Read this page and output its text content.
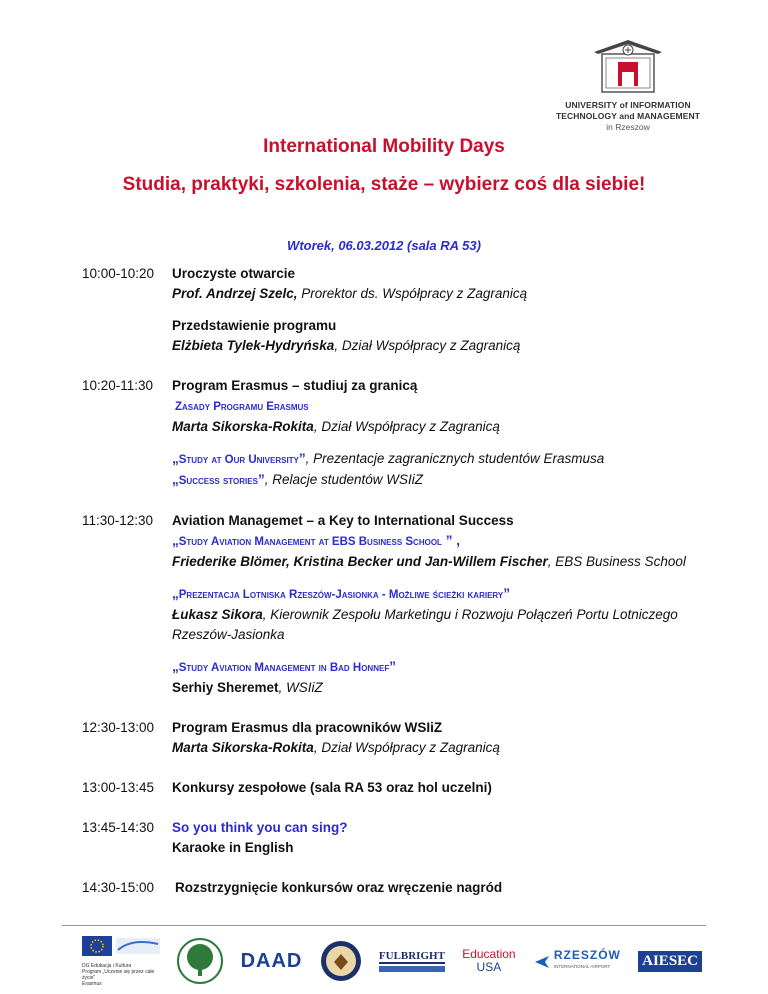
UNIVERSITY of INFORMATION
TECHNOLOGY and MANAGEMENT
in Rzeszow
International Mobility Days
Studia, praktyki, szkolenia, staże – wybierz coś dla siebie!
Wtorek, 06.03.2012 (sala RA 53)
10:00-10:20	Uroczyste otwarcie
Prof. Andrzej Szelc, Prorektor ds. Współpracy z Zagranicą
Przedstawienie programu
Elżbieta Tylek-Hydryńska, Dział Współpracy z Zagranicą
10:20-11:30	Program Erasmus – studiuj za granicą
Zasady Programu Erasmus
Marta Sikorska-Rokita, Dział Współpracy z Zagranicą
„Study at Our University”, Prezentacje zagranicznych studentów Erasmusa
„Success stories”, Relacje studentów WSIiZ
11:30-12:30	Aviation Managemet – a Key to International Success
„Study Aviation Management at EBS Business School ” ,
Friederike Blömer, Kristina Becker und Jan-Willem Fischer, EBS Business School
„Prezentacja Lotniska Rzeszów-Jasionka - Możliwe ścieżki kariery”
Łukasz Sikora, Kierownik Zespołu Marketingu i Rozwoju Połączeń Portu Lotniczego
Rzeszów-Jasionka
„Study Aviation Management in Bad Honnef”
Serhiy Sheremet, WSIiZ
12:30-13:00	Program Erasmus dla pracowników WSIiZ
Marta Sikorska-Rokita, Dział Współpracy z Zagranicą
13:00-13:45	Konkursy zespołowe (sala RA 53 oraz hol uczelni)
13:45-14:30	So you think you can sing?
Karaoke in English
14:30-15:00	Rozstrzygnięcie konkursów oraz wręczenie nagród
DG Edukacja i Kultura
Program „Uczenie się przez całe życie"
Erasmus
DAAD	FULBRIGHT Education
USA
RZESZÓW
INTERNATIONAL AIRPORT	AIESEC
